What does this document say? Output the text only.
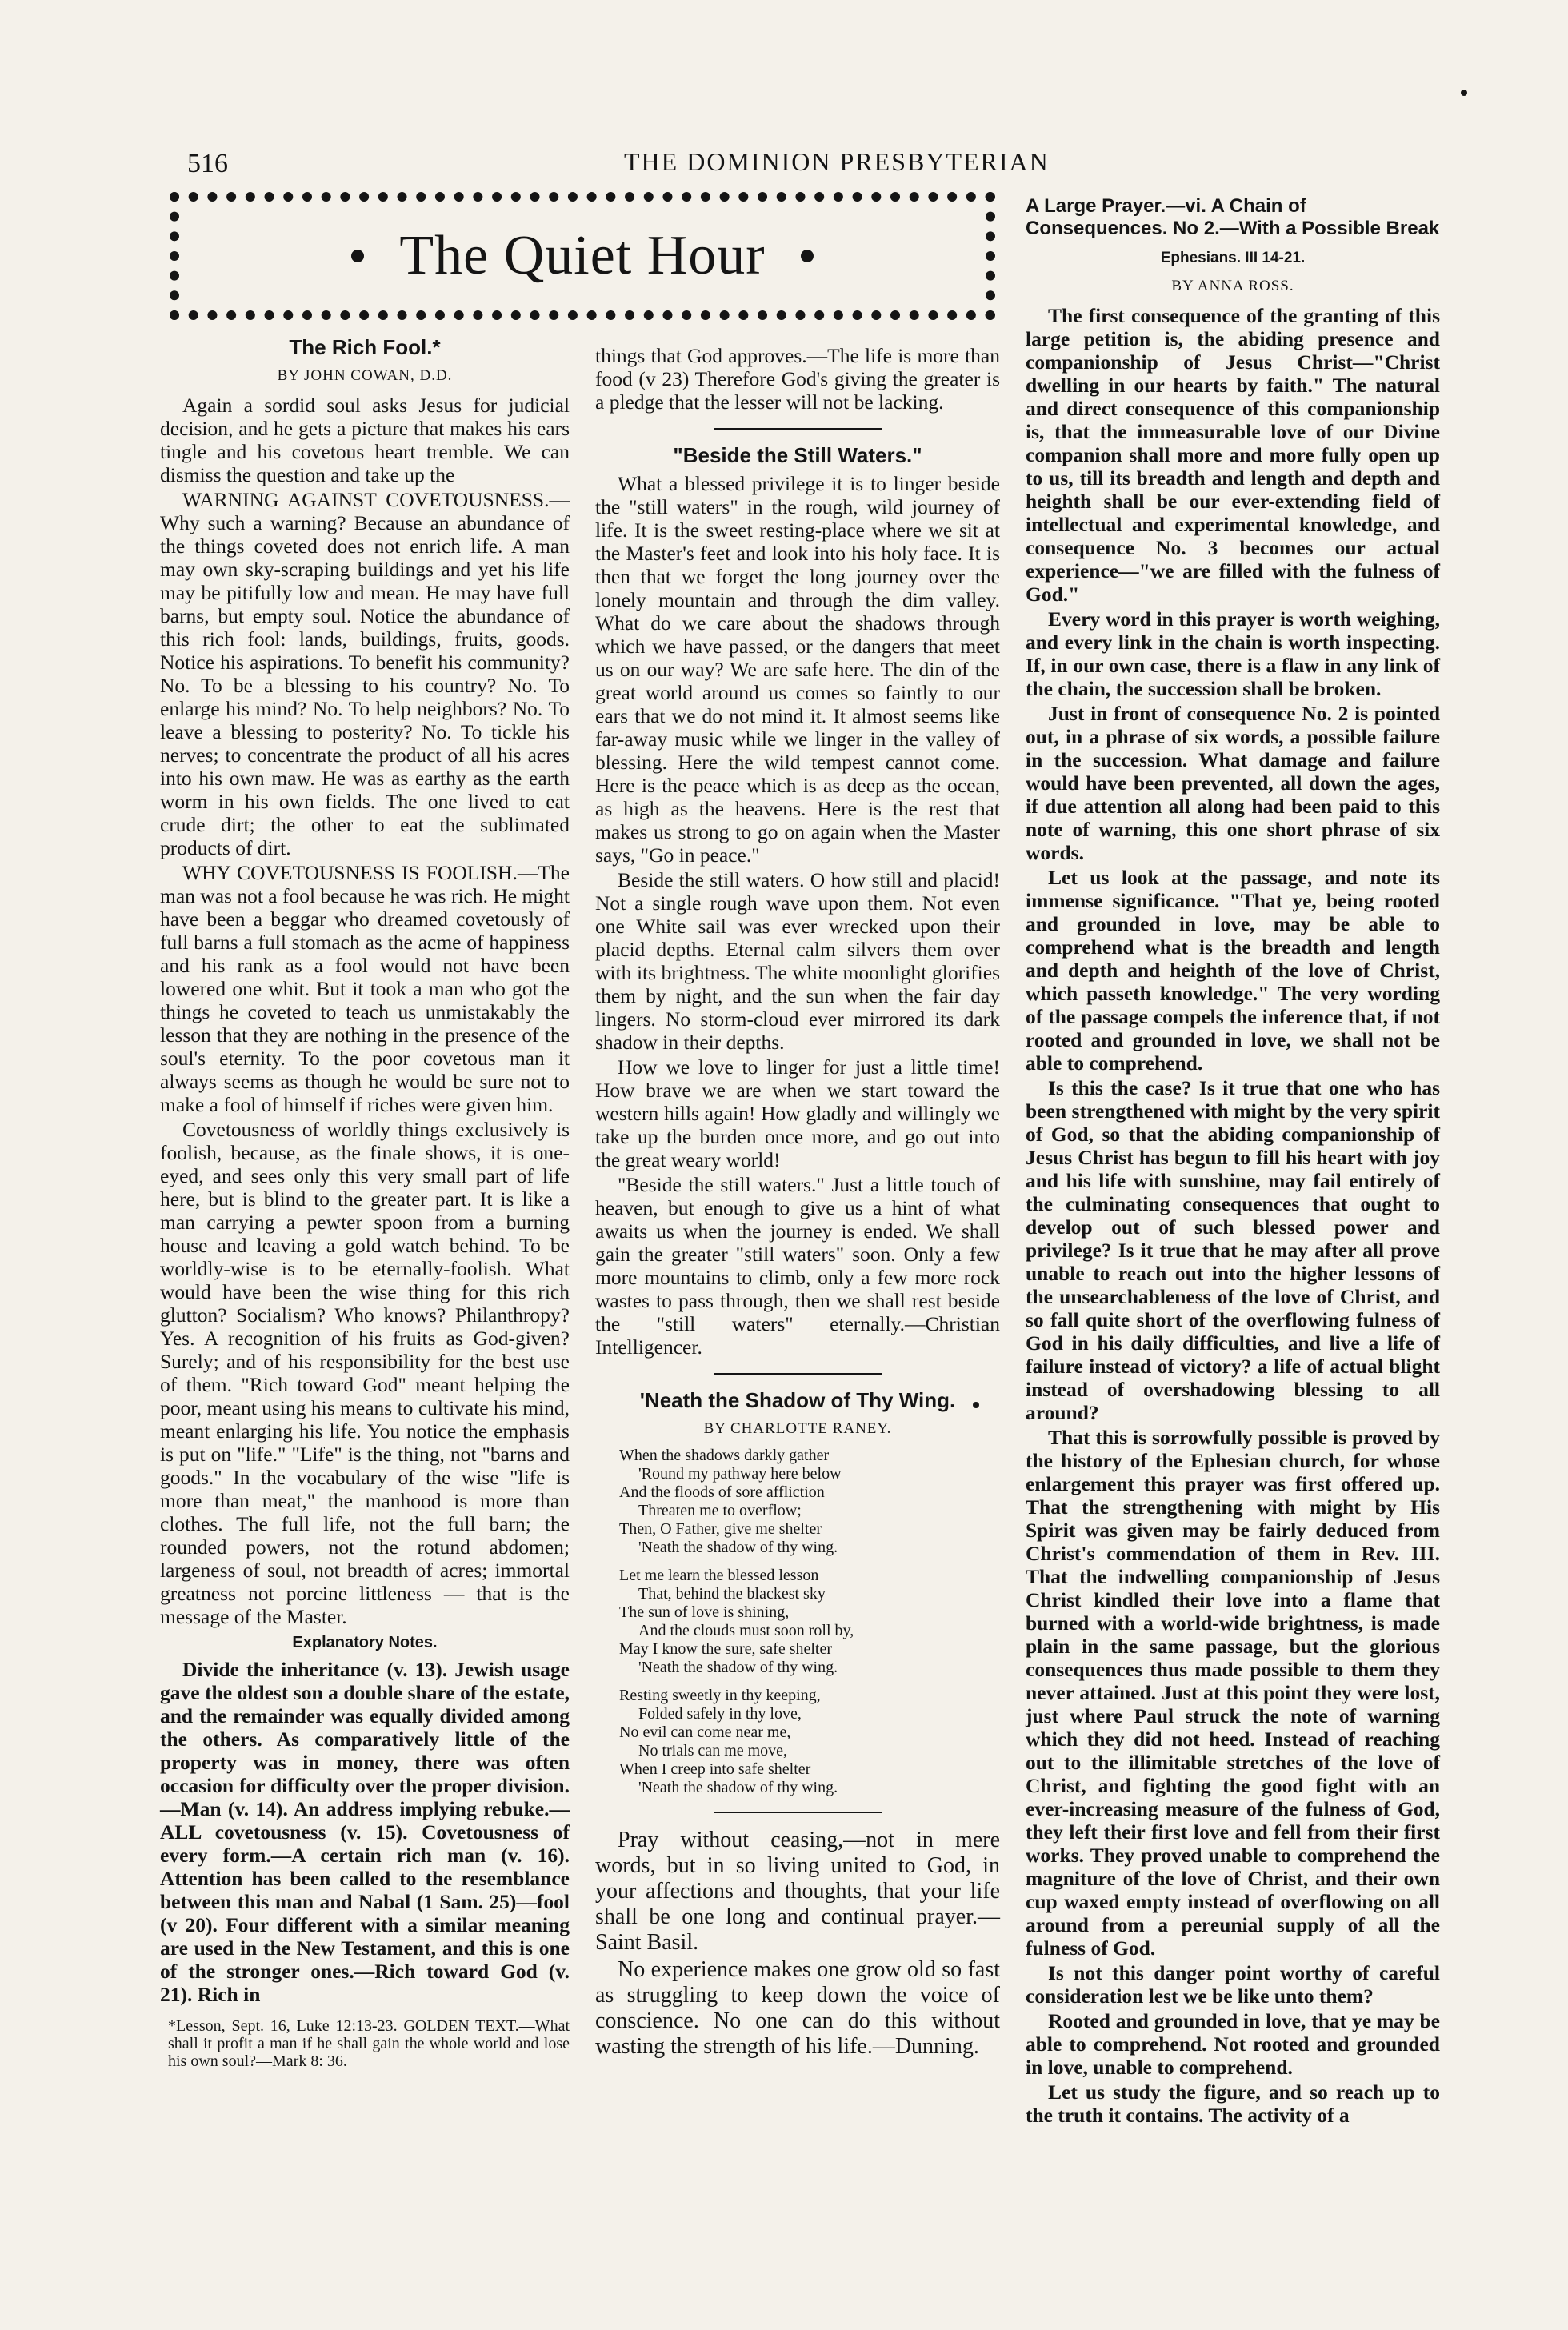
516	THE DOMINION PRESBYTERIAN
The Quiet Hour
The Rich Fool.*
BY JOHN COWAN, D.D.

Again a sordid soul asks Jesus for judicial decision, and he gets a picture that makes his ears tingle and his covetous heart tremble. We can dismiss the question and take up the

WARNING AGAINST COVETOUSNESS.—Why such a warning? Because an abundance of the things coveted does not enrich life. A man may own sky-scraping buildings and yet his life may be pitifully low and mean. He may have full barns, but empty soul. Notice the abundance of this rich fool: lands, buildings, fruits, goods. Notice his aspirations. To benefit his community? No. To be a blessing to his country? No. To enlarge his mind? No. To help neighbors? No. To leave a blessing to posterity? No. To tickle his nerves; to concentrate the product of all his acres into his own maw. He was as earthy as the earth worm in his own fields. The one lived to eat crude dirt; the other to eat the sublimated products of dirt.

WHY COVETOUSNESS IS FOOLISH.—The man was not a fool because he was rich. He might have been a beggar who dreamed covetously of full barns a full stomach as the acme of happiness and his rank as a fool would not have been lowered one whit. But it took a man who got the things he coveted to teach us unmistakably the lesson that they are nothing in the presence of the soul's eternity. To the poor covetous man it always seems as though he would be sure not to make a fool of himself if riches were given him.

Covetousness of worldly things exclusively is foolish, because, as the finale shows, it is one-eyed, and sees only this very small part of life here, but is blind to the greater part. It is like a man carrying a pewter spoon from a burning house and leaving a gold watch behind. To be worldly-wise is to be eternally-foolish. What would have been the wise thing for this rich glutton? Socialism? Who knows? Philanthropy? Yes. A recognition of his fruits as God-given? Surely; and of his responsibility for the best use of them. "Rich toward God" meant helping the poor, meant using his means to cultivate his mind, meant enlarging his life. You notice the emphasis is put on "life." "Life" is the thing, not "barns and goods." In the vocabulary of the wise "life is more than meat," the manhood is more than clothes. The full life, not the full barn; the rounded powers, not the rotund abdomen; largeness of soul, not breadth of acres; immortal greatness not porcine littleness — that is the message of the Master.

Explanatory Notes.

Divide the inheritance (v. 13). Jewish usage gave the oldest son a double share of the estate, and the remainder was equally divided among the others. As comparatively little of the property was in money, there was often occasion for difficulty over the proper division.—Man (v. 14). An address implying rebuke.—ALL covetousness (v. 15). Covetousness of every form.—A certain rich man (v. 16). Attention has been called to the resemblance between this man and Nabal (1 Sam. 25)—fool (v 20). Four different with a similar meaning are used in the New Testament, and this is one of the stronger ones.—Rich toward God (v. 21). Rich in

*Lesson, Sept. 16, Luke 12:13-23. GOLDEN TEXT.—What shall it profit a man if he shall gain the whole world and lose his own soul?—Mark 8: 36.

things that God approves.—The life is more than food (v 23) Therefore God's giving the greater is a pledge that the lesser will not be lacking.

"Beside the Still Waters."

What a blessed privilege it is to linger beside the "still waters" in the rough, wild journey of life. It is the sweet resting-place where we sit at the Master's feet and look into his holy face. It is then that we forget the long journey over the lonely mountain and through the dim valley. What do we care about the shadows through which we have passed, or the dangers that meet us on our way? We are safe here. The din of the great world around us comes so faintly to our ears that we do not mind it. It almost seems like far-away music while we linger in the valley of blessing. Here the wild tempest cannot come. Here is the peace which is as deep as the ocean, as high as the heavens. Here is the rest that makes us strong to go on again when the Master says, "Go in peace."

Beside the still waters. O how still and placid! Not a single rough wave upon them. Not even one White sail was ever wrecked upon their placid depths. Eternal calm silvers them over with its brightness. The white moonlight glorifies them by night, and the sun when the fair day lingers. No storm-cloud ever mirrored its dark shadow in their depths.

How we love to linger for just a little time! How brave we are when we start toward the western hills again! How gladly and willingly we take up the burden once more, and go out into the great weary world!

"Beside the still waters." Just a little touch of heaven, but enough to give us a hint of what awaits us when the journey is ended. We shall gain the greater "still waters" soon. Only a few more mountains to climb, only a few more rock wastes to pass through, then we shall rest beside the "still waters" eternally.—Christian Intelligencer.

'Neath the Shadow of Thy Wing.
BY CHARLOTTE RANEY.
When the shadows darkly gather
'Round my pathway here below
And the floods of sore affliction
Threaten me to overflow;
Then, O Father, give me shelter
'Neath the shadow of thy wing.
Let me learn the blessed lesson
That, behind the blackest sky
The sun of love is shining,
And the clouds must soon roll by,
May I know the sure, safe shelter
'Neath the shadow of thy wing.
Resting sweetly in thy keeping,
Folded safely in thy love,
No evil can come near me,
No trials can me move,
When I creep into safe shelter
'Neath the shadow of thy wing.

Pray without ceasing,—not in mere words, but in so living united to God, in your affections and thoughts, that your life shall be one long and continual prayer.—Saint Basil.

No experience makes one grow old so fast as struggling to keep down the voice of conscience. No one can do this without wasting the strength of his life.—Dunning.

A Large Prayer.—vi. A Chain of Consequences. No 2.—With a Possible Break
Ephesians. III 14-21.
BY ANNA ROSS.

The first consequence of the granting of this large petition is, the abiding presence and companionship of Jesus Christ—"Christ dwelling in our hearts by faith." The natural and direct consequence of this companionship is, that the immeasurable love of our Divine companion shall more and more fully open up to us, till its breadth and length and depth and heighth shall be our ever-extending field of intellectual and experimental knowledge, and consequence No. 3 becomes our actual experience—"we are filled with the fulness of God."

Every word in this prayer is worth weighing, and every link in the chain is worth inspecting. If, in our own case, there is a flaw in any link of the chain, the succession shall be broken.

Just in front of consequence No. 2 is pointed out, in a phrase of six words, a possible failure in the succession. What damage and failure would have been prevented, all down the ages, if due attention all along had been paid to this note of warning, this one short phrase of six words.

Let us look at the passage, and note its immense significance. "That ye, being rooted and grounded in love, may be able to comprehend what is the breadth and length and depth and heighth of the love of Christ, which passeth knowledge." The very wording of the passage compels the inference that, if not rooted and grounded in love, we shall not be able to comprehend.

Is this the case? Is it true that one who has been strengthened with might by the very spirit of God, so that the abiding companionship of Jesus Christ has begun to fill his heart with joy and his life with sunshine, may fail entirely of the culminating consequences that ought to develop out of such blessed power and privilege? Is it true that he may after all prove unable to reach out into the higher lessons of the unsearchableness of the love of Christ, and so fall quite short of the overflowing fulness of God in his daily difficulties, and live a life of failure instead of victory? a life of actual blight instead of overshadowing blessing to all around?

That this is sorrowfully possible is proved by the history of the Ephesian church, for whose enlargement this prayer was first offered up. That the strengthening with might by His Spirit was given may be fairly deduced from Christ's commendation of them in Rev. III. That the indwelling companionship of Jesus Christ kindled their love into a flame that burned with a world-wide brightness, is made plain in the same passage, but the glorious consequences thus made possible to them they never attained. Just at this point they were lost, just where Paul struck the note of warning which they did not heed. Instead of reaching out to the illimitable stretches of the love of Christ, and fighting the good fight with an ever-increasing measure of the fulness of God, they left their first love and fell from their first works. They proved unable to comprehend the magniture of the love of Christ, and their own cup waxed empty instead of overflowing on all around from a pereunial supply of all the fulness of God.

Is not this danger point worthy of careful consideration lest we be like unto them?

Rooted and grounded in love, that ye may be able to comprehend. Not rooted and grounded in love, unable to comprehend.

Let us study the figure, and so reach up to the truth it contains. The activity of a
